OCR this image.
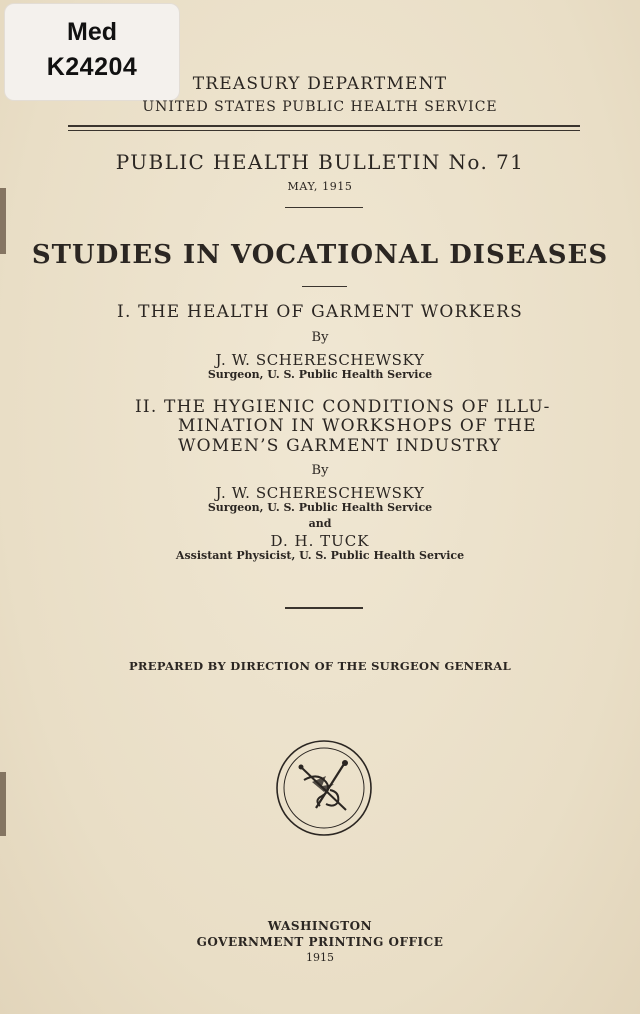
Med
K24204
TREASURY DEPARTMENT
UNITED STATES PUBLIC HEALTH SERVICE
PUBLIC HEALTH BULLETIN No. 71
MAY, 1915
STUDIES IN VOCATIONAL DISEASES
I. THE HEALTH OF GARMENT WORKERS
By
J. W. SCHERESCHEWSKY
Surgeon, U. S. Public Health Service
II. THE HYGIENIC CONDITIONS OF ILLU-
MINATION IN WORKSHOPS OF THE
WOMEN’S GARMENT INDUSTRY
By
J. W. SCHERESCHEWSKY
Surgeon, U. S. Public Health Service
and
D. H. TUCK
Assistant Physicist, U. S. Public Health Service
PREPARED BY DIRECTION OF THE SURGEON GENERAL
WASHINGTON
GOVERNMENT PRINTING OFFICE
1915
